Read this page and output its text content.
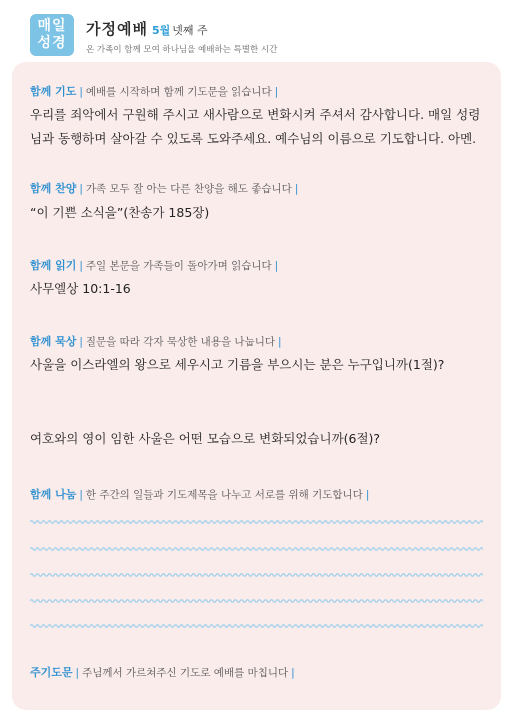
매일
성경
가정예배 5월 넷째 주
온 가족이 함께 모여 하나님을 예배하는 특별한 시간
함께 기도 | 예배를 시작하며 함께 기도문을 읽습니다 |
우리를 죄악에서 구원해 주시고 새사람으로 변화시켜 주셔서 감사합니다. 매일 성령
님과 동행하며 살아갈 수 있도록 도와주세요. 예수님의 이름으로 기도합니다. 아멘.
함께 찬양 | 가족 모두 잘 아는 다른 찬양을 해도 좋습니다 |
“이 기쁜 소식을”(찬송가 185장)
함께 읽기 | 주일 본문을 가족들이 돌아가며 읽습니다 |
사무엘상 10:1-16
함께 묵상 | 질문을 따라 각자 묵상한 내용을 나눕니다 |
사울을 이스라엘의 왕으로 세우시고 기름을 부으시는 분은 누구입니까(1절)?
여호와의 영이 임한 사울은 어떤 모습으로 변화되었습니까(6절)?
함께 나눔 | 한 주간의 일들과 기도제목을 나누고 서로를 위해 기도합니다 |
주기도문 | 주님께서 가르쳐주신 기도로 예배를 마칩니다 |
